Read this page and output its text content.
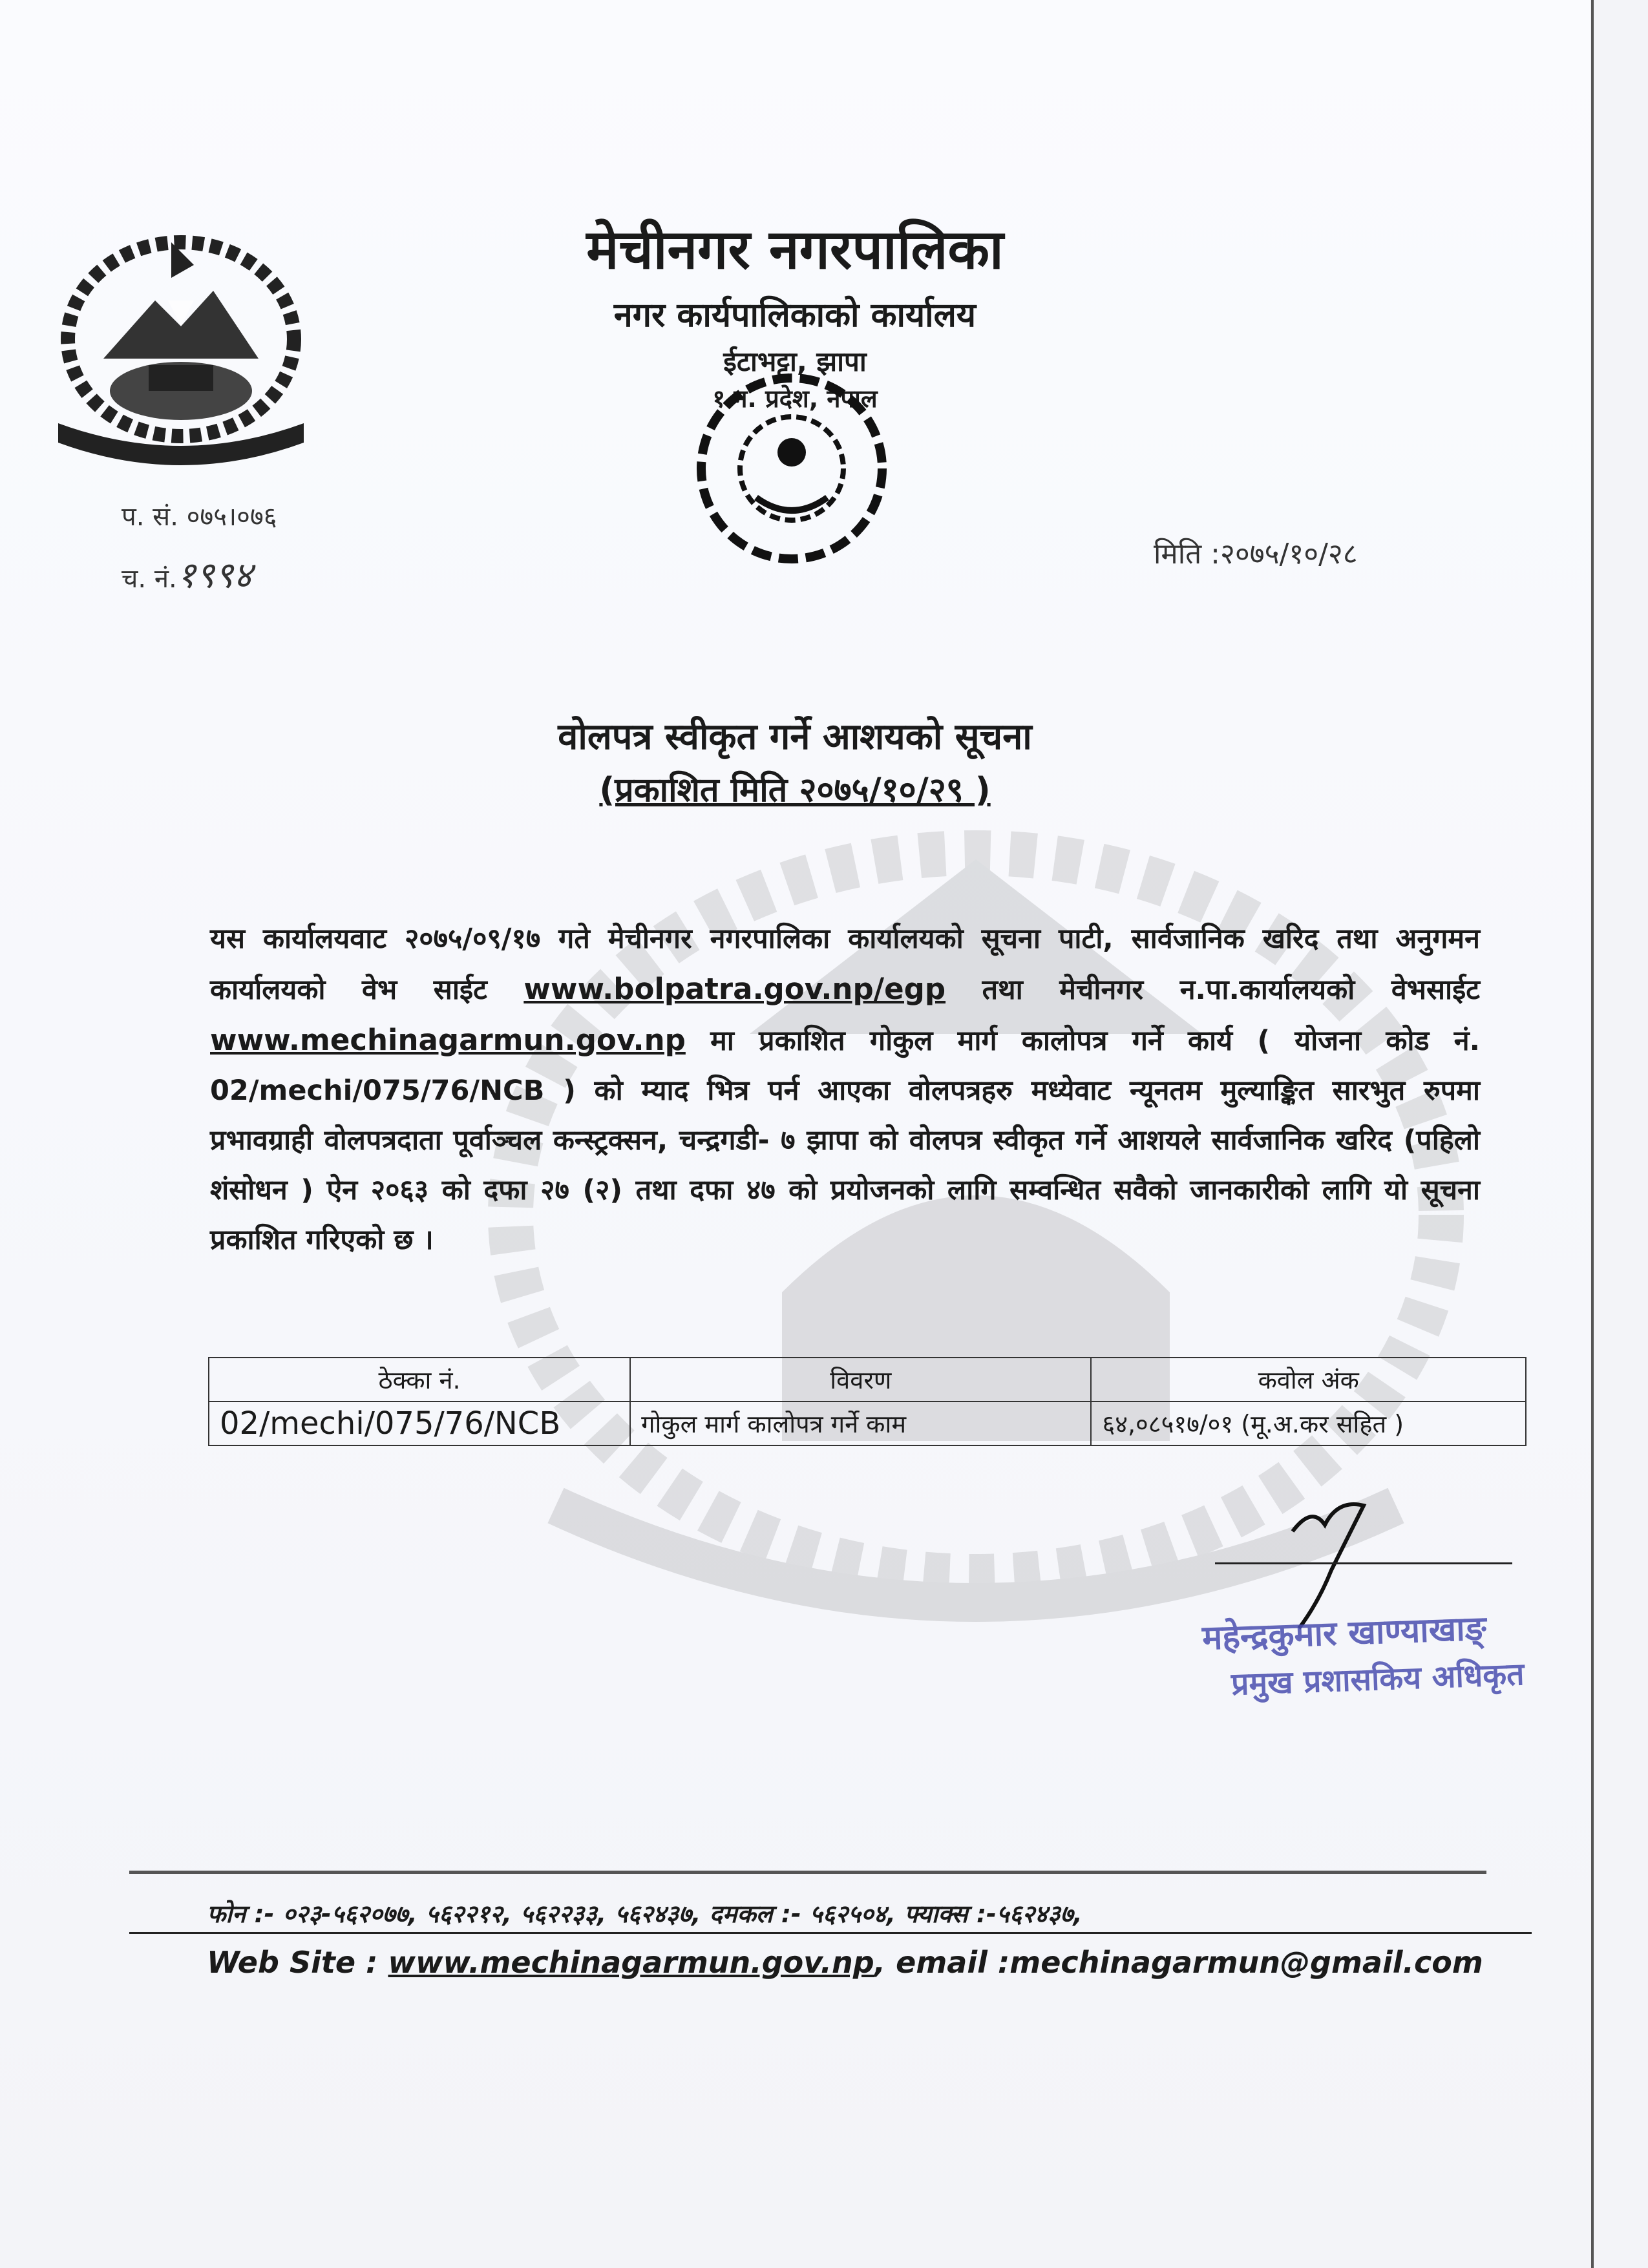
मेचीनगर नगरपालिका
नगर कार्यपालिकाको कार्यालय
ईटाभट्टा, झापा
१ न. प्रदेश, नेपाल
प. सं. ०७५।०७६
च. नं.१९९४
मिति :२०७५/१०/२८
वोलपत्र स्वीकृत गर्ने आशयको सूचना
(प्रकाशित मिति २०७५/१०/२९ )
यस कार्यालयवाट २०७५/०९/१७ गते मेचीनगर नगरपालिका कार्यालयको सूचना पाटी, सार्वजानिक खरिद तथा अनुगमन कार्यालयको वेभ साईट www.bolpatra.gov.np/egp तथा मेचीनगर न.पा.कार्यालयको वेभसाईट www.mechinagarmun.gov.np मा प्रकाशित गोकुल मार्ग कालोपत्र गर्ने कार्य ( योजना कोड नं. 02/mechi/075/76/NCB ) को म्याद भित्र पर्न आएका वोलपत्रहरु मध्येवाट न्यूनतम मुल्याङ्कित सारभुत रुपमा प्रभावग्राही वोलपत्रदाता पूर्वाञ्चल कन्स्ट्रक्सन, चन्द्रगडी- ७ झापा को वोलपत्र स्वीकृत गर्ने आशयले सार्वजानिक खरिद (पहिलो शंसोधन ) ऐन २०६३ को दफा २७ (२) तथा दफा ४७ को प्रयोजनको लागि सम्वन्धित सवैको जानकारीको लागि यो सूचना प्रकाशित गरिएको छ ।
ठेक्का नं.	विवरण	कवोल अंक
02/mechi/075/76/NCB	गोकुल मार्ग कालोपत्र गर्ने काम	६४,०८५१७/०१ (मू.अ.कर सहित )
महेन्द्रकुमार खाण्याखाङ्
प्रमुख प्रशासकिय अधिकृत
फोन :- ०२३-५६२०७७, ५६२२१२, ५६२२३३, ५६२४३७, दमकल :- ५६२५०४, फ्याक्स :-५६२४३७,
Web Site : www.mechinagarmun.gov.np, email :mechinagarmun@gmail.com
